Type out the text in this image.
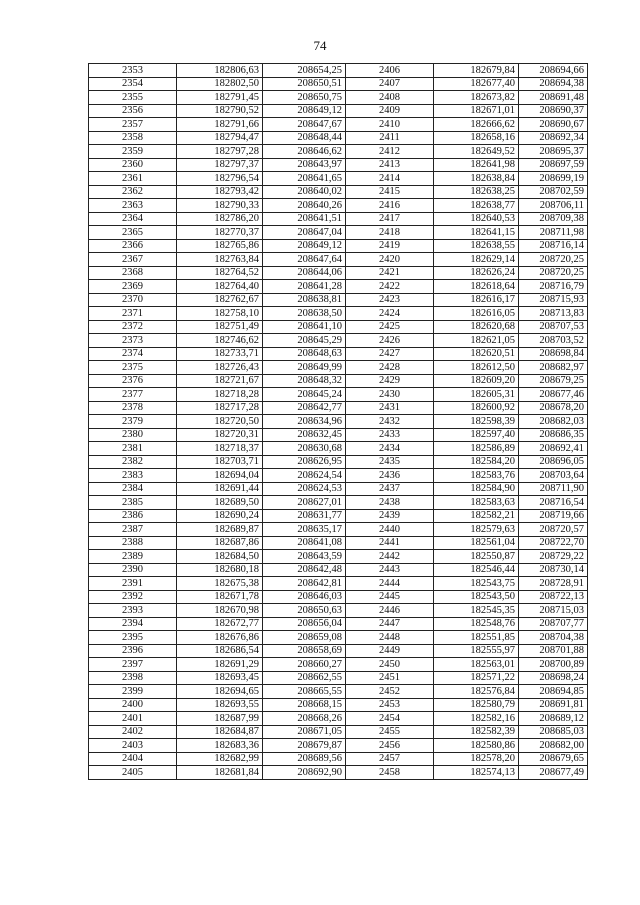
74
2353	182806,63	208654,25	2406	182679,84	208694,66
2354	182802,50	208650,51	2407	182677,40	208694,38
2355	182791,45	208650,75	2408	182673,82	208691,48
2356	182790,52	208649,12	2409	182671,01	208690,37
2357	182791,66	208647,67	2410	182666,62	208690,67
2358	182794,47	208648,44	2411	182658,16	208692,34
2359	182797,28	208646,62	2412	182649,52	208695,37
2360	182797,37	208643,97	2413	182641,98	208697,59
2361	182796,54	208641,65	2414	182638,84	208699,19
2362	182793,42	208640,02	2415	182638,25	208702,59
2363	182790,33	208640,26	2416	182638,77	208706,11
2364	182786,20	208641,51	2417	182640,53	208709,38
2365	182770,37	208647,04	2418	182641,15	208711,98
2366	182765,86	208649,12	2419	182638,55	208716,14
2367	182763,84	208647,64	2420	182629,14	208720,25
2368	182764,52	208644,06	2421	182626,24	208720,25
2369	182764,40	208641,28	2422	182618,64	208716,79
2370	182762,67	208638,81	2423	182616,17	208715,93
2371	182758,10	208638,50	2424	182616,05	208713,83
2372	182751,49	208641,10	2425	182620,68	208707,53
2373	182746,62	208645,29	2426	182621,05	208703,52
2374	182733,71	208648,63	2427	182620,51	208698,84
2375	182726,43	208649,99	2428	182612,50	208682,97
2376	182721,67	208648,32	2429	182609,20	208679,25
2377	182718,28	208645,24	2430	182605,31	208677,46
2378	182717,28	208642,77	2431	182600,92	208678,20
2379	182720,50	208634,96	2432	182598,39	208682,03
2380	182720,31	208632,45	2433	182597,40	208686,35
2381	182718,37	208630,68	2434	182586,89	208692,41
2382	182703,71	208626,95	2435	182584,20	208696,05
2383	182694,04	208624,54	2436	182583,76	208703,64
2384	182691,44	208624,53	2437	182584,90	208711,90
2385	182689,50	208627,01	2438	182583,63	208716,54
2386	182690,24	208631,77	2439	182582,21	208719,66
2387	182689,87	208635,17	2440	182579,63	208720,57
2388	182687,86	208641,08	2441	182561,04	208722,70
2389	182684,50	208643,59	2442	182550,87	208729,22
2390	182680,18	208642,48	2443	182546,44	208730,14
2391	182675,38	208642,81	2444	182543,75	208728,91
2392	182671,78	208646,03	2445	182543,50	208722,13
2393	182670,98	208650,63	2446	182545,35	208715,03
2394	182672,77	208656,04	2447	182548,76	208707,77
2395	182676,86	208659,08	2448	182551,85	208704,38
2396	182686,54	208658,69	2449	182555,97	208701,88
2397	182691,29	208660,27	2450	182563,01	208700,89
2398	182693,45	208662,55	2451	182571,22	208698,24
2399	182694,65	208665,55	2452	182576,84	208694,85
2400	182693,55	208668,15	2453	182580,79	208691,81
2401	182687,99	208668,26	2454	182582,16	208689,12
2402	182684,87	208671,05	2455	182582,39	208685,03
2403	182683,36	208679,87	2456	182580,86	208682,00
2404	182682,99	208689,56	2457	182578,20	208679,65
2405	182681,84	208692,90	2458	182574,13	208677,49
